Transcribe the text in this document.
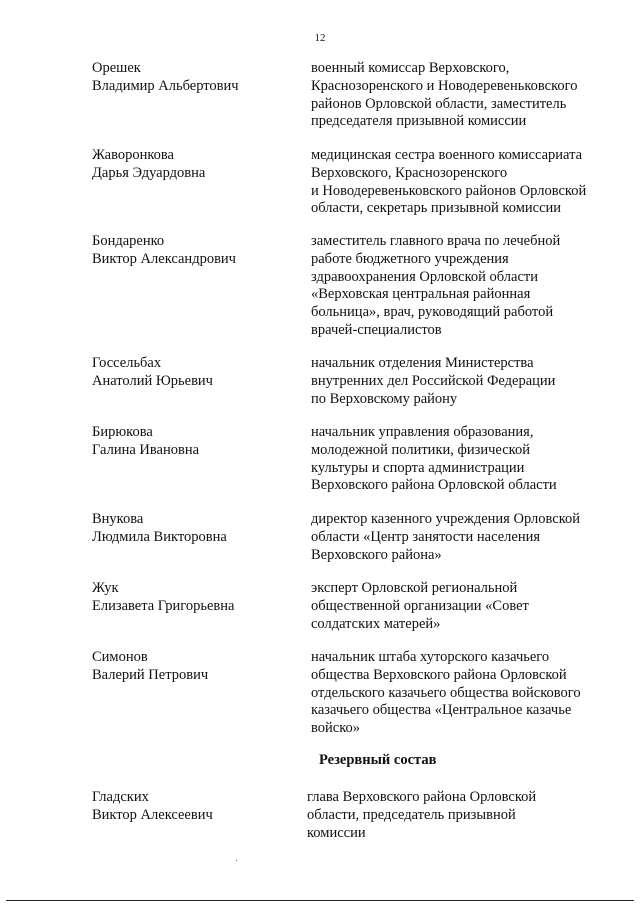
12
Орешек
Владимир Альбертович
военный комиссар Верховского,
Краснозоренского и Новодеревеньковского
районов Орловской области, заместитель
председателя призывной комиссии
Жаворонкова
Дарья Эдуардовна
медицинская сестра военного комиссариата
Верховского, Краснозоренского
и Новодеревеньковского районов Орловской
области, секретарь призывной комиссии
Бондаренко
Виктор Александрович
заместитель главного врача по лечебной
работе бюджетного учреждения
здравоохранения Орловской области
«Верховская центральная районная
больница», врач, руководящий работой
врачей-специалистов
Госсельбах
Анатолий Юрьевич
начальник отделения Министерства
внутренних дел Российской Федерации
по Верховскому району
Бирюкова
Галина Ивановна
начальник управления образования,
молодежной политики, физической
культуры и спорта администрации
Верховского района Орловской области
Внукова
Людмила Викторовна
директор казенного учреждения Орловской
области «Центр занятости населения
Верховского района»
Жук
Елизавета Григорьевна
эксперт Орловской региональной
общественной организации «Совет
солдатских матерей»
Симонов
Валерий Петрович
начальник штаба хуторского казачьего
общества Верховского района Орловской
отдельского казачьего общества войскового
казачьего общества «Центральное казачье
войско»
Резервный состав
Гладских
Виктор Алексеевич
глава Верховского района Орловской
области, председатель призывной
комиссии
